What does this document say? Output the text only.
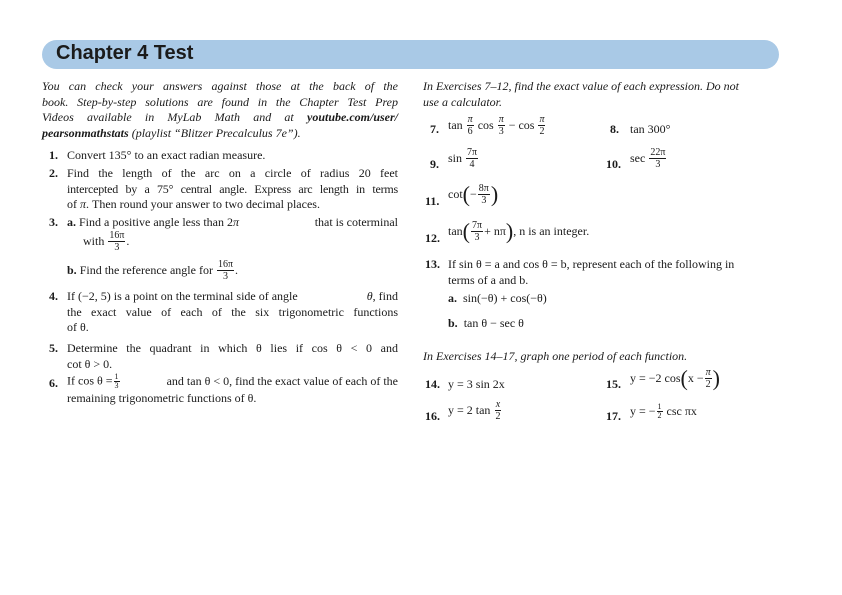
Chapter 4 Test
You can check your answers against those at the back of the
book. Step-by-step solutions are found in the Chapter Test Prep
Videos available in MyLab Math and at youtube.com/user/
pearsonmathstats (playlist “Blitzer Precalculus 7e”).
1. Convert 135° to an exact radian measure.
2. Find the length of the arc on a circle of radius 20 feet
intercepted by a 75° central angle. Express arc length in terms
of π. Then round your answer to two decimal places.
3. a. Find a positive angle less than 2π	that is coterminal
with $\frac{16\pi}{3}$ .
b. Find the reference angle for $\frac{16\pi}{3}$ .
4. If (−2, 5) is a point on the terminal side of angle	θ, find
the exact value of each of the six trigonometric functions
of θ.
5. Determine the quadrant in which θ lies if cos θ < 0 and
cot θ > 0.
6. If $\cos \theta = \frac{1}{3}$	and tan θ < 0, find the exact value of each of the
remaining trigonometric functions of θ.
In Exercises 7–12, find the exact value of each expression. Do not
use a calculator.
7. $\tan \frac{\pi}{6}$ $\cos \frac{\pi}{3} - \cos \frac{\pi}{2}$	8. tan 300°
9. $\sin \frac{7\pi}{4}$	10. $\sec \frac{22\pi}{3}$
11. $\cot(- \frac{8\pi}{3}$ )
12. $\tan( \frac{7\pi}{3} + n\pi)$, n is an integer.
13. If sin θ = a and cos θ = b, represent each of the following in
terms of a and b.
a. sin(−θ) + cos(−θ)
b. tan θ − sec θ
In Exercises 14–17, graph one period of each function.
14. y = 3 sin 2x	15. y = −2 $\cos(x - \frac{\pi}{2}$ )
16. y = 2 $\tan \frac{x}{2}$	17. y = − $\frac{1}{2}$ csc πx
